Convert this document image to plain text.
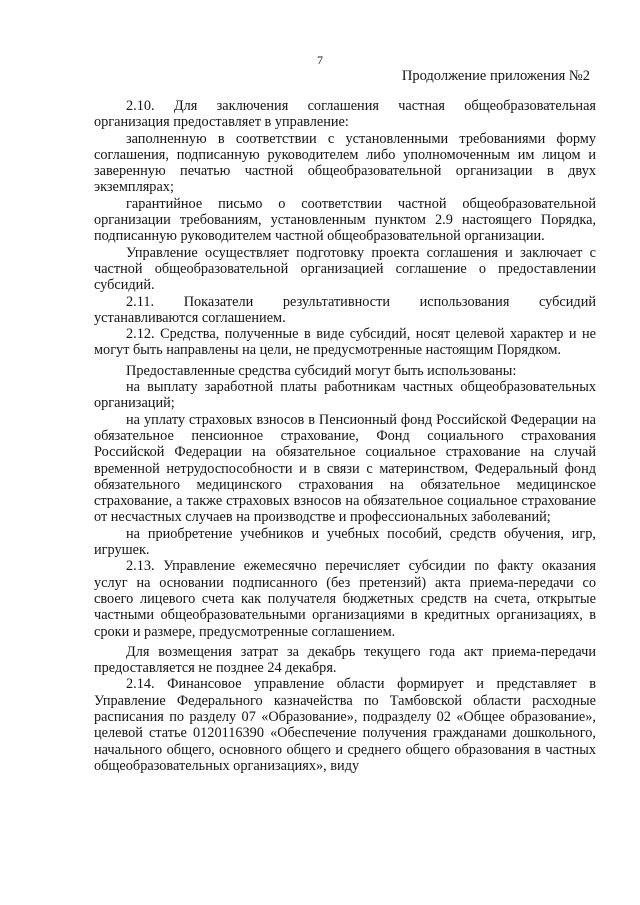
7
Продолжение приложения №2

2.10. Для заключения соглашения частная общеобразовательная организация предоставляет в управление:

заполненную в соответствии с установленными требованиями форму соглашения, подписанную руководителем либо уполномоченным им лицом и заверенную печатью частной общеобразовательной организации в двух экземплярах;

гарантийное письмо о соответствии частной общеобразовательной организации требованиям, установленным пунктом 2.9 настоящего Порядка, подписанную руководителем частной общеобразовательной организации.

Управление осуществляет подготовку проекта соглашения и заключает с частной общеобразовательной организацией соглашение о предоставлении субсидий.

2.11. Показатели результативности использования субсидий устанавливаются соглашением.

2.12. Средства, полученные в виде субсидий, носят целевой характер и не могут быть направлены на цели, не предусмотренные настоящим Порядком.

Предоставленные средства субсидий могут быть использованы:

на выплату заработной платы работникам частных общеобразовательных организаций;

на уплату страховых взносов в Пенсионный фонд Российской Федерации на обязательное пенсионное страхование, Фонд социального страхования Российской Федерации на обязательное социальное страхование на случай временной нетрудоспособности и в связи с материнством, Федеральный фонд обязательного медицинского страхования на обязательное медицинское страхование, а также страховых взносов на обязательное социальное страхование от несчастных случаев на производстве и профессиональных заболеваний;

на приобретение учебников и учебных пособий, средств обучения, игр, игрушек.

2.13. Управление ежемесячно перечисляет субсидии по факту оказания услуг на основании подписанного (без претензий) акта приема-передачи со своего лицевого счета как получателя бюджетных средств на счета, открытые частными общеобразовательными организациями в кредитных организациях, в сроки и размере, предусмотренные соглашением.

Для возмещения затрат за декабрь текущего года акт приема-передачи предоставляется не позднее 24 декабря.

2.14. Финансовое управление области формирует и представляет в Управление Федерального казначейства по Тамбовской области расходные расписания по разделу 07 «Образование», подразделу 02 «Общее образование», целевой статье 0120116390 «Обеспечение получения гражданами дошкольного, начального общего, основного общего и среднего общего образования в частных общеобразовательных организациях», виду
